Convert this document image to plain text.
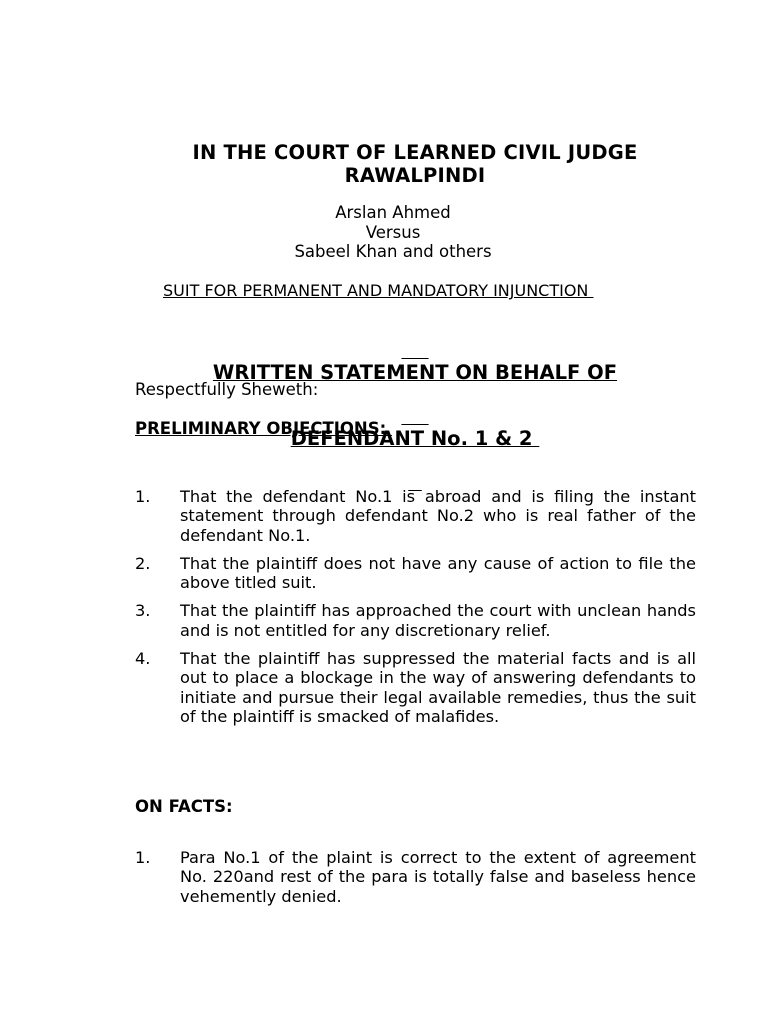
IN THE COURT OF LEARNED CIVIL JUDGE
RAWALPINDI
Arslan Ahmed
Versus
Sabeel Khan and others
SUIT FOR PERMANENT AND MANDATORY INJUNCTION

WRITTEN STATEMENT ON BEHALF OF

DEFENDANT No. 1 & 2

Respectfully Sheweth:
PRELIMINARY OBJECTIONS:
1. That the defendant No.1 is abroad and is filing the instant statement through defendant No.2 who is real father of the defendant No.1.
2. That the plaintiff does not have any cause of action to file the above titled suit.
3. That the plaintiff has approached the court with unclean hands and is not entitled for any discretionary relief.
4. That the plaintiff has suppressed the material facts and is all out to place a blockage in the way of answering defendants to initiate and pursue their legal available remedies, thus the suit of the plaintiff is smacked of malafides.
ON FACTS:
1. Para No.1 of the plaint is correct to the extent of agreement No. 220and rest of the para is totally false and baseless hence vehemently denied.
